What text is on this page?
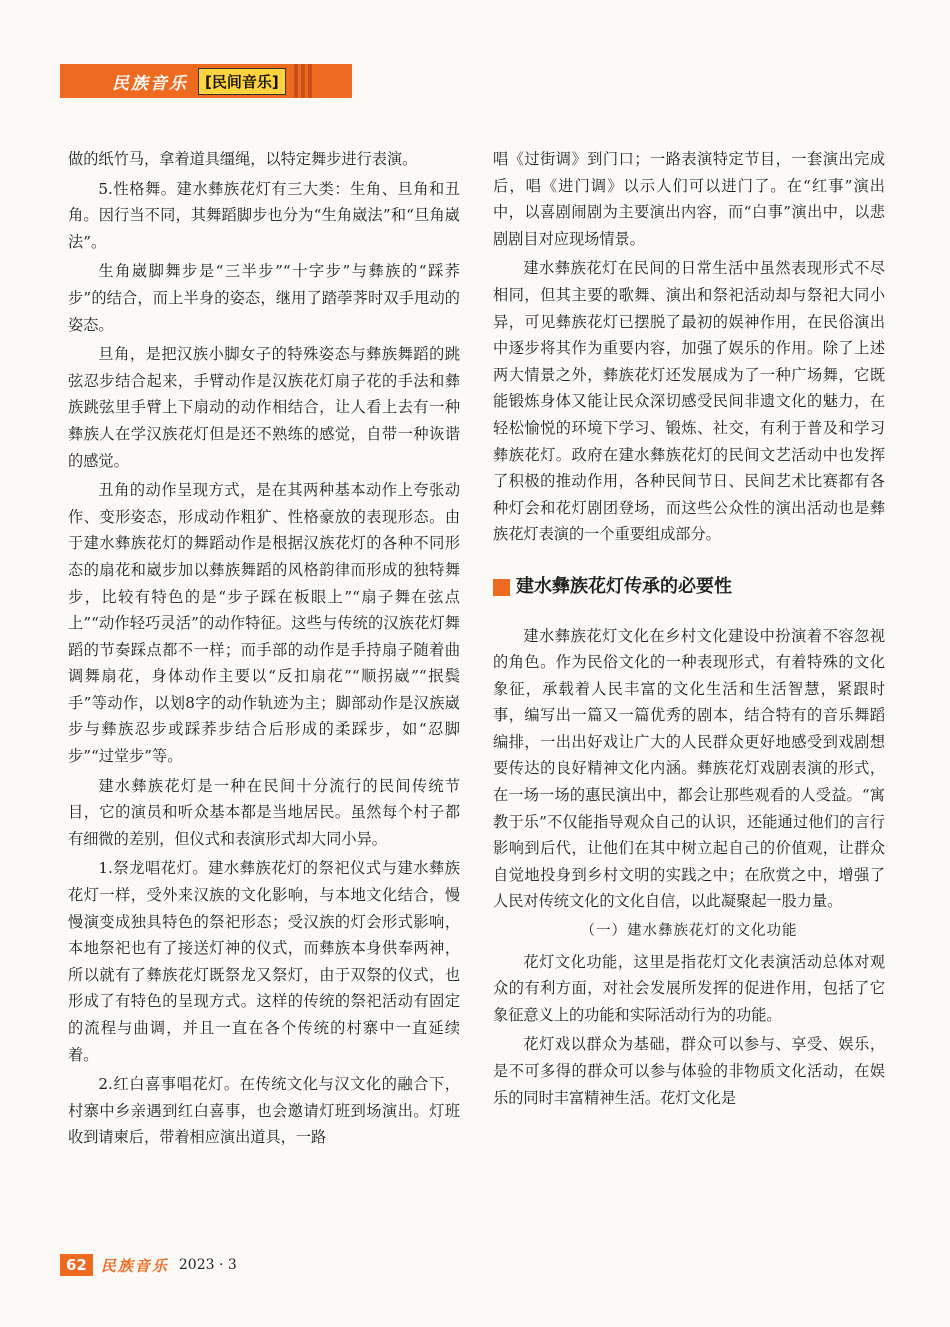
民族音乐	[民间音乐]

做的纸竹马，拿着道具缰绳，以特定舞步进行表演。

5.性格舞。建水彝族花灯有三大类：生角、旦角和丑角。因行当不同，其舞蹈脚步也分为“生角崴法”和“旦角崴法”。

生角崴脚舞步是“三半步”“十字步”与彝族的“踩荞步”的结合，而上半身的姿态，继用了踏荸荠时双手甩动的姿态。

旦角，是把汉族小脚女子的特殊姿态与彝族舞蹈的跳弦忍步结合起来，手臂动作是汉族花灯扇子花的手法和彝族跳弦里手臂上下扇动的动作相结合，让人看上去有一种彝族人在学汉族花灯但是还不熟练的感觉，自带一种诙谐的感觉。

丑角的动作呈现方式，是在其两种基本动作上夸张动作、变形姿态，形成动作粗犷、性格豪放的表现形态。由于建水彝族花灯的舞蹈动作是根据汉族花灯的各种不同形态的扇花和崴步加以彝族舞蹈的风格韵律而形成的独特舞步，比较有特色的是“步子踩在板眼上”“扇子舞在弦点上”“动作轻巧灵活”的动作特征。这些与传统的汉族花灯舞蹈的节奏踩点都不一样；而手部的动作是手持扇子随着曲调舞扇花，身体动作主要以“反扣扇花”“顺拐崴”“抿鬓手”等动作，以划8字的动作轨迹为主；脚部动作是汉族崴步与彝族忍步或踩荞步结合后形成的柔踩步，如“忍脚步”“过堂步”等。

建水彝族花灯是一种在民间十分流行的民间传统节目，它的演员和听众基本都是当地居民。虽然每个村子都有细微的差别，但仪式和表演形式却大同小异。

1.祭龙唱花灯。建水彝族花灯的祭祀仪式与建水彝族花灯一样，受外来汉族的文化影响，与本地文化结合，慢慢演变成独具特色的祭祀形态；受汉族的灯会形式影响，本地祭祀也有了接送灯神的仪式，而彝族本身供奉两神，所以就有了彝族花灯既祭龙又祭灯，由于双祭的仪式，也形成了有特色的呈现方式。这样的传统的祭祀活动有固定的流程与曲调，并且一直在各个传统的村寨中一直延续着。

2.红白喜事唱花灯。在传统文化与汉文化的融合下，村寨中乡亲遇到红白喜事，也会邀请灯班到场演出。灯班收到请柬后，带着相应演出道具，一路

唱《过街调》到门口；一路表演特定节目，一套演出完成后，唱《进门调》以示人们可以进门了。在“红事”演出中，以喜剧闹剧为主要演出内容，而“白事”演出中，以悲剧剧目对应现场情景。

建水彝族花灯在民间的日常生活中虽然表现形式不尽相同，但其主要的歌舞、演出和祭祀活动却与祭祀大同小异，可见彝族花灯已摆脱了最初的娱神作用，在民俗演出中逐步将其作为重要内容，加强了娱乐的作用。除了上述两大情景之外，彝族花灯还发展成为了一种广场舞，它既能锻炼身体又能让民众深切感受民间非遗文化的魅力，在轻松愉悦的环境下学习、锻炼、社交，有利于普及和学习彝族花灯。政府在建水彝族花灯的民间文艺活动中也发挥了积极的推动作用，各种民间节日、民间艺术比赛都有各种灯会和花灯剧团登场，而这些公众性的演出活动也是彝族花灯表演的一个重要组成部分。

建水彝族花灯传承的必要性

建水彝族花灯文化在乡村文化建设中扮演着不容忽视的角色。作为民俗文化的一种表现形式，有着特殊的文化象征，承载着人民丰富的文化生活和生活智慧，紧跟时事，编写出一篇又一篇优秀的剧本，结合特有的音乐舞蹈编排，一出出好戏让广大的人民群众更好地感受到戏剧想要传达的良好精神文化内涵。彝族花灯戏剧表演的形式，在一场一场的惠民演出中，都会让那些观看的人受益。“寓教于乐”不仅能指导观众自己的认识，还能通过他们的言行影响到后代，让他们在其中树立起自己的价值观，让群众自觉地投身到乡村文明的实践之中；在欣赏之中，增强了人民对传统文化的文化自信，以此凝聚起一股力量。

（一）建水彝族花灯的文化功能

花灯文化功能，这里是指花灯文化表演活动总体对观众的有利方面，对社会发展所发挥的促进作用，包括了它象征意义上的功能和实际活动行为的功能。

花灯戏以群众为基础，群众可以参与、享受、娱乐，是不可多得的群众可以参与体验的非物质文化活动，在娱乐的同时丰富精神生活。花灯文化是

62 民族音乐 2023 · 3
